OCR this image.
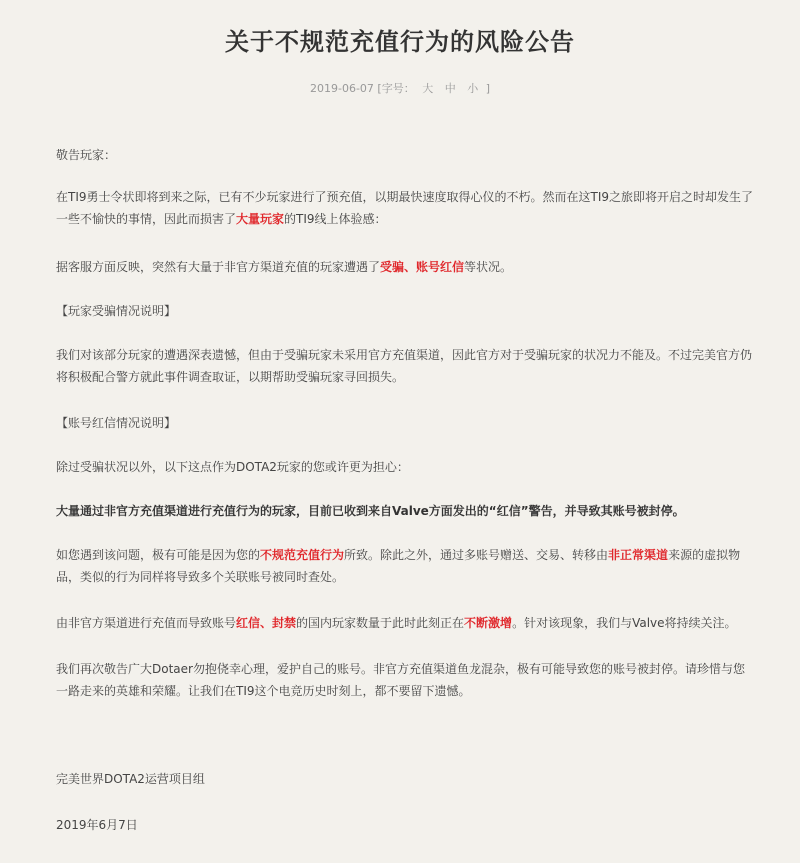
关于不规范充值行为的风险公告
2019-06-07 [字号： 大 中 小 ]

敬告玩家：

在TI9勇士令状即将到来之际，已有不少玩家进行了预充值，以期最快速度取得心仪的不朽。然而在这TI9之旅即将开启之时却发生了一些不愉快的事情，因此而损害了大量玩家的TI9线上体验感：

据客服方面反映，突然有大量于非官方渠道充值的玩家遭遇了受骗、账号红信等状况。

【玩家受骗情况说明】

我们对该部分玩家的遭遇深表遗憾，但由于受骗玩家未采用官方充值渠道，因此官方对于受骗玩家的状况力不能及。不过完美官方仍将积极配合警方就此事件调查取证，以期帮助受骗玩家寻回损失。

【账号红信情况说明】

除过受骗状况以外，以下这点作为DOTA2玩家的您或许更为担心：

大量通过非官方充值渠道进行充值行为的玩家，目前已收到来自Valve方面发出的“红信”警告，并导致其账号被封停。

如您遇到该问题，极有可能是因为您的不规范充值行为所致。除此之外，通过多账号赠送、交易、转移由非正常渠道来源的虚拟物品，类似的行为同样将导致多个关联账号被同时查处。

由非官方渠道进行充值而导致账号红信、封禁的国内玩家数量于此时此刻正在不断激增。针对该现象，我们与Valve将持续关注。

我们再次敬告广大Dotaer勿抱侥幸心理，爱护自己的账号。非官方充值渠道鱼龙混杂，极有可能导致您的账号被封停。请珍惜与您一路走来的英雄和荣耀。让我们在TI9这个电竞历史时刻上，都不要留下遗憾。

完美世界DOTA2运营项目组

2019年6月7日
